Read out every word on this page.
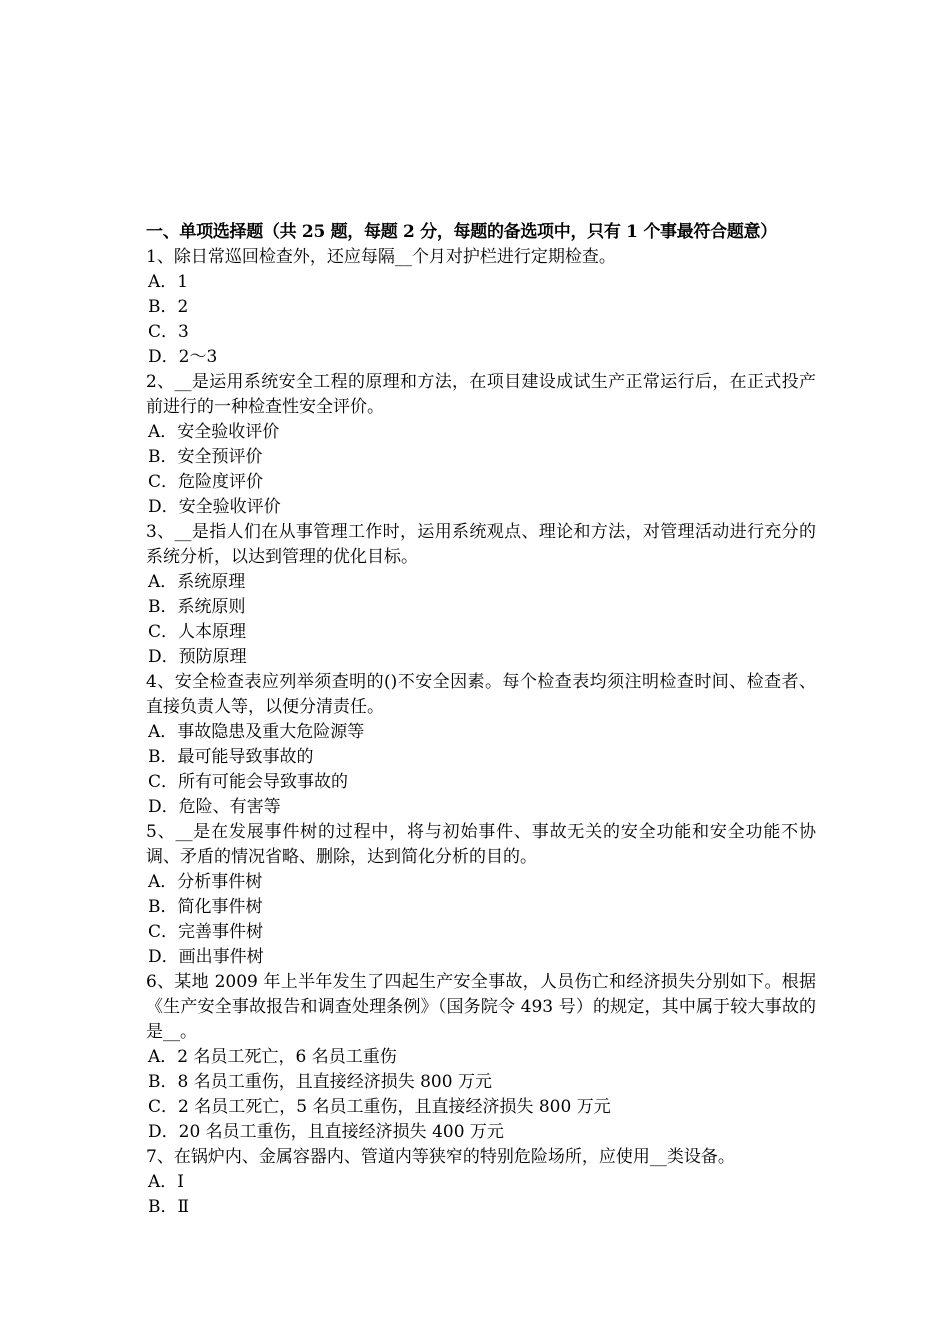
一、单项选择题（共 25 题，每题 2 分，每题的备选项中，只有 1 个事最符合题意）
1、除日常巡回检查外，还应每隔__个月对护栏进行定期检查。
A．1
B．2
C．3
D．2～3
2、__是运用系统安全工程的原理和方法，在项目建设成试生产正常运行后，在正式投产前进行的一种检查性安全评价。
A．安全验收评价
B．安全预评价
C．危险度评价
D．安全验收评价
3、__是指人们在从事管理工作时，运用系统观点、理论和方法，对管理活动进行充分的系统分析，以达到管理的优化目标。
A．系统原理
B．系统原则
C．人本原理
D．预防原理
4、安全检查表应列举须查明的()不安全因素。每个检查表均须注明检查时间、检查者、直接负责人等，以便分清责任。
A．事故隐患及重大危险源等
B．最可能导致事故的
C．所有可能会导致事故的
D．危险、有害等
5、__是在发展事件树的过程中，将与初始事件、事故无关的安全功能和安全功能不协调、矛盾的情况省略、删除，达到简化分析的目的。
A．分析事件树
B．简化事件树
C．完善事件树
D．画出事件树
6、某地 2009 年上半年发生了四起生产安全事故，人员伤亡和经济损失分别如下。根据《生产安全事故报告和调查处理条例》（国务院令 493 号）的规定，其中属于较大事故的是__。
A．2 名员工死亡，6 名员工重伤
B．8 名员工重伤，且直接经济损失 800 万元
C．2 名员工死亡，5 名员工重伤，且直接经济损失 800 万元
D．20 名员工重伤，且直接经济损失 400 万元
7、在锅炉内、金属容器内、管道内等狭窄的特别危险场所，应使用__类设备。
A．Ⅰ
B．Ⅱ
